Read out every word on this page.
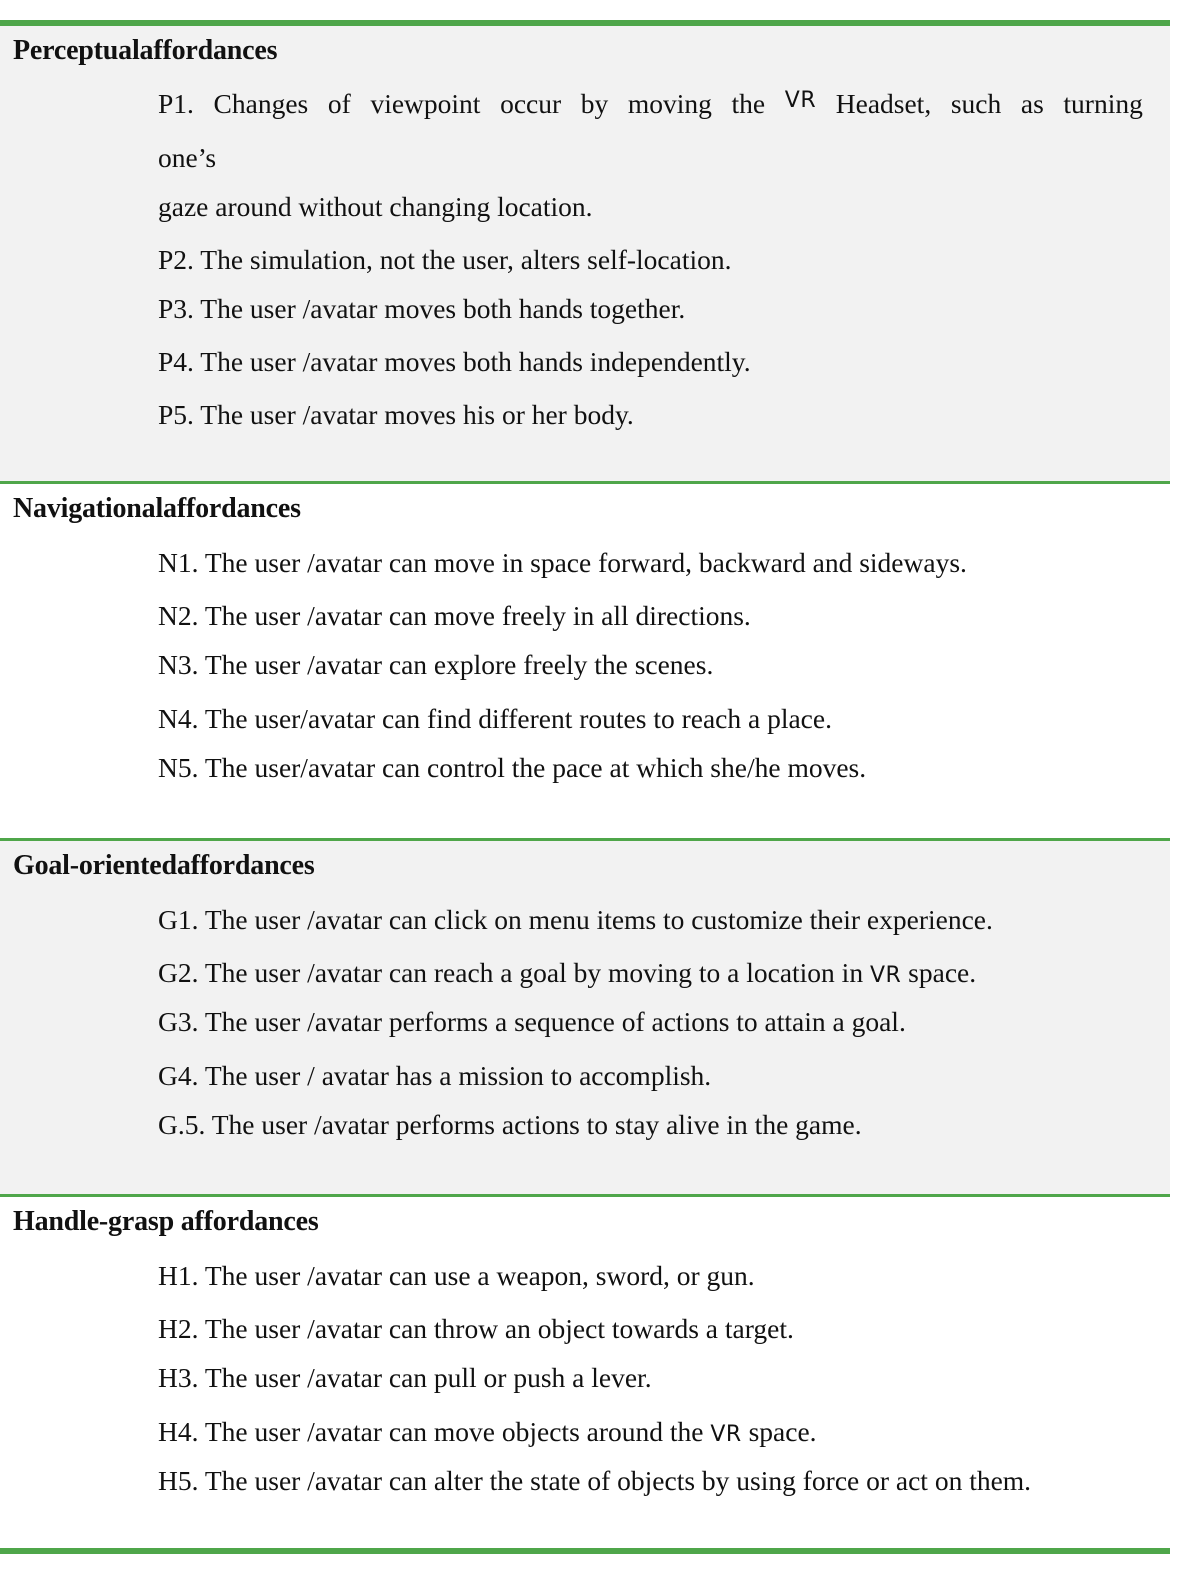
Perceptualaffordances
P1. Changes of viewpoint occur by moving the VR Headset, such as turning
one’s
gaze around without changing location.
P2. The simulation, not the user, alters self-location.
P3. The user /avatar moves both hands together.
P4. The user /avatar moves both hands independently.
P5. The user /avatar moves his or her body.
Navigationalaffordances
N1. The user /avatar can move in space forward, backward and sideways.
N2. The user /avatar can move freely in all directions.
N3. The user /avatar can explore freely the scenes.
N4. The user/avatar can find different routes to reach a place.
N5. The user/avatar can control the pace at which she/he moves.
Goal-orientedaffordances
G1. The user /avatar can click on menu items to customize their experience.
G2. The user /avatar can reach a goal by moving to a location in VR space.
G3. The user /avatar performs a sequence of actions to attain a goal.
G4. The user / avatar has a mission to accomplish.
G.5. The user /avatar performs actions to stay alive in the game.
Handle-grasp affordances
H1. The user /avatar can use a weapon, sword, or gun.
H2. The user /avatar can throw an object towards a target.
H3. The user /avatar can pull or push a lever.
H4. The user /avatar can move objects around the VR space.
H5. The user /avatar can alter the state of objects by using force or act on them.
